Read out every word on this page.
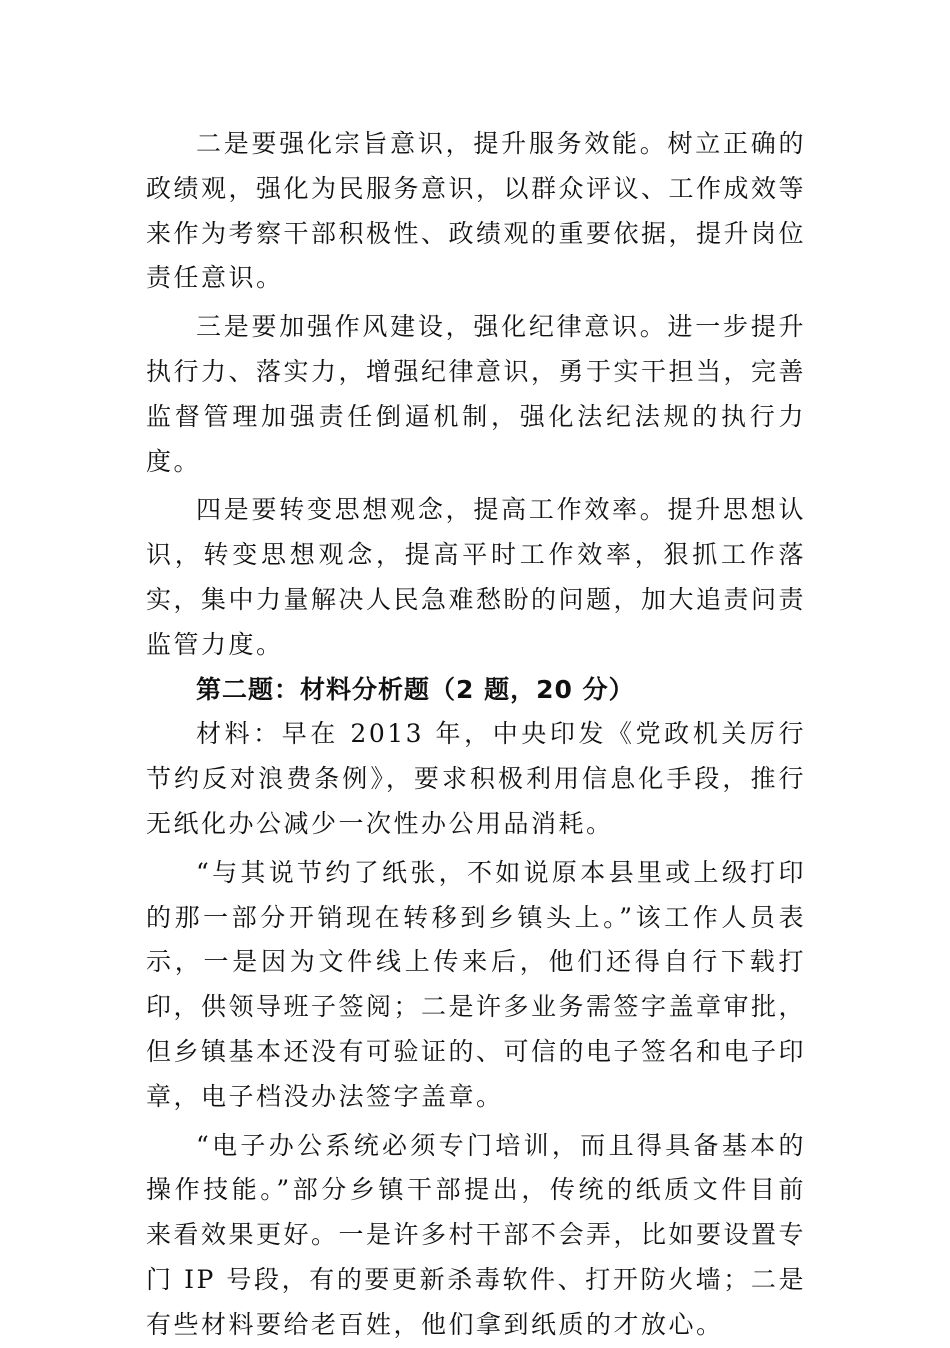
二是要强化宗旨意识，提升服务效能。树立正确的政绩观，强化为民服务意识，以群众评议、工作成效等来作为考察干部积极性、政绩观的重要依据，提升岗位责任意识。

三是要加强作风建设，强化纪律意识。进一步提升执行力、落实力，增强纪律意识，勇于实干担当，完善监督管理加强责任倒逼机制，强化法纪法规的执行力度。

四是要转变思想观念，提高工作效率。提升思想认识，转变思想观念，提高平时工作效率，狠抓工作落实，集中力量解决人民急难愁盼的问题，加大追责问责监管力度。

第二题：材料分析题（2 题，20 分）

材料：早在 2013 年，中央印发《党政机关厉行节约反对浪费条例》，要求积极利用信息化手段，推行无纸化办公减少一次性办公用品消耗。

“与其说节约了纸张，不如说原本县里或上级打印的那一部分开销现在转移到乡镇头上。”该工作人员表示，一是因为文件线上传来后，他们还得自行下载打印，供领导班子签阅；二是许多业务需签字盖章审批，但乡镇基本还没有可验证的、可信的电子签名和电子印章，电子档没办法签字盖章。

“电子办公系统必须专门培训，而且得具备基本的操作技能。”部分乡镇干部提出，传统的纸质文件目前来看效果更好。一是许多村干部不会弄，比如要设置专门 IP 号段，有的要更新杀毒软件、打开防火墙；二是有些材料要给老百姓，他们拿到纸质的才放心。
